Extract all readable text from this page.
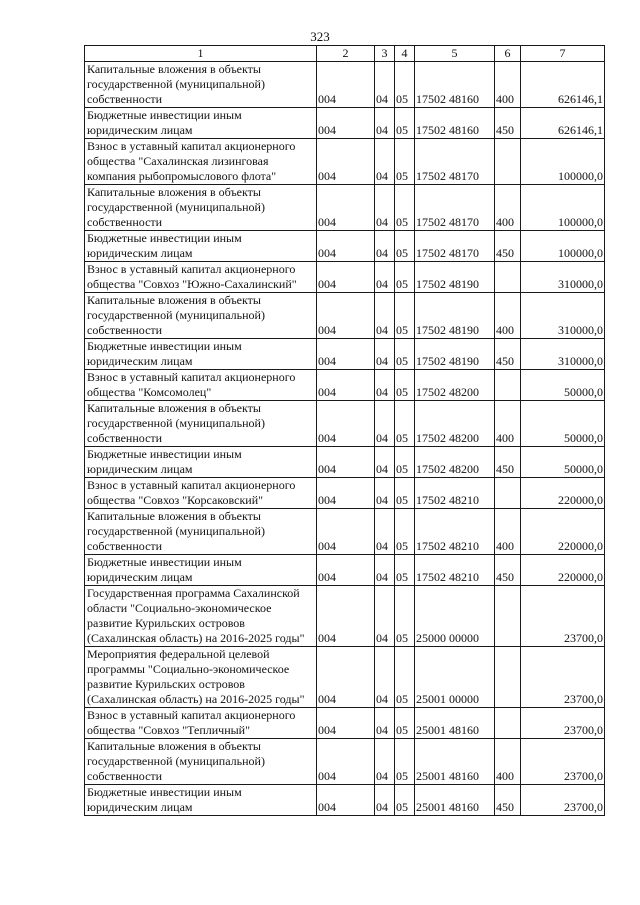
323
1	2	3	4	5	6	7
Капитальные вложения в объекты государственной (муниципальной) собственности	004	04	05	17502 48160	400	626146,1
Бюджетные инвестиции иным юридическим лицам	004	04	05	17502 48160	450	626146,1
Взнос в уставный капитал акционерного общества "Сахалинская лизинговая компания рыбопромыслового флота"	004	04	05	17502 48170		100000,0
Капитальные вложения в объекты государственной (муниципальной) собственности	004	04	05	17502 48170	400	100000,0
Бюджетные инвестиции иным юридическим лицам	004	04	05	17502 48170	450	100000,0
Взнос в уставный капитал акционерного общества "Совхоз "Южно-Сахалинский"	004	04	05	17502 48190		310000,0
Капитальные вложения в объекты государственной (муниципальной) собственности	004	04	05	17502 48190	400	310000,0
Бюджетные инвестиции иным юридическим лицам	004	04	05	17502 48190	450	310000,0
Взнос в уставный капитал акционерного общества "Комсомолец"	004	04	05	17502 48200		50000,0
Капитальные вложения в объекты государственной (муниципальной) собственности	004	04	05	17502 48200	400	50000,0
Бюджетные инвестиции иным юридическим лицам	004	04	05	17502 48200	450	50000,0
Взнос в уставный капитал акционерного общества "Совхоз "Корсаковский"	004	04	05	17502 48210		220000,0
Капитальные вложения в объекты государственной (муниципальной) собственности	004	04	05	17502 48210	400	220000,0
Бюджетные инвестиции иным юридическим лицам	004	04	05	17502 48210	450	220000,0
Государственная программа Сахалинской области "Социально-экономическое развитие Курильских островов (Сахалинская область) на 2016-2025 годы"	004	04	05	25000 00000		23700,0
Мероприятия федеральной целевой программы "Социально-экономическое развитие Курильских островов (Сахалинская область) на 2016-2025 годы"	004	04	05	25001 00000		23700,0
Взнос в уставный капитал акционерного общества "Совхоз "Тепличный"	004	04	05	25001 48160		23700,0
Капитальные вложения в объекты государственной (муниципальной) собственности	004	04	05	25001 48160	400	23700,0
Бюджетные инвестиции иным юридическим лицам	004	04	05	25001 48160	450	23700,0
